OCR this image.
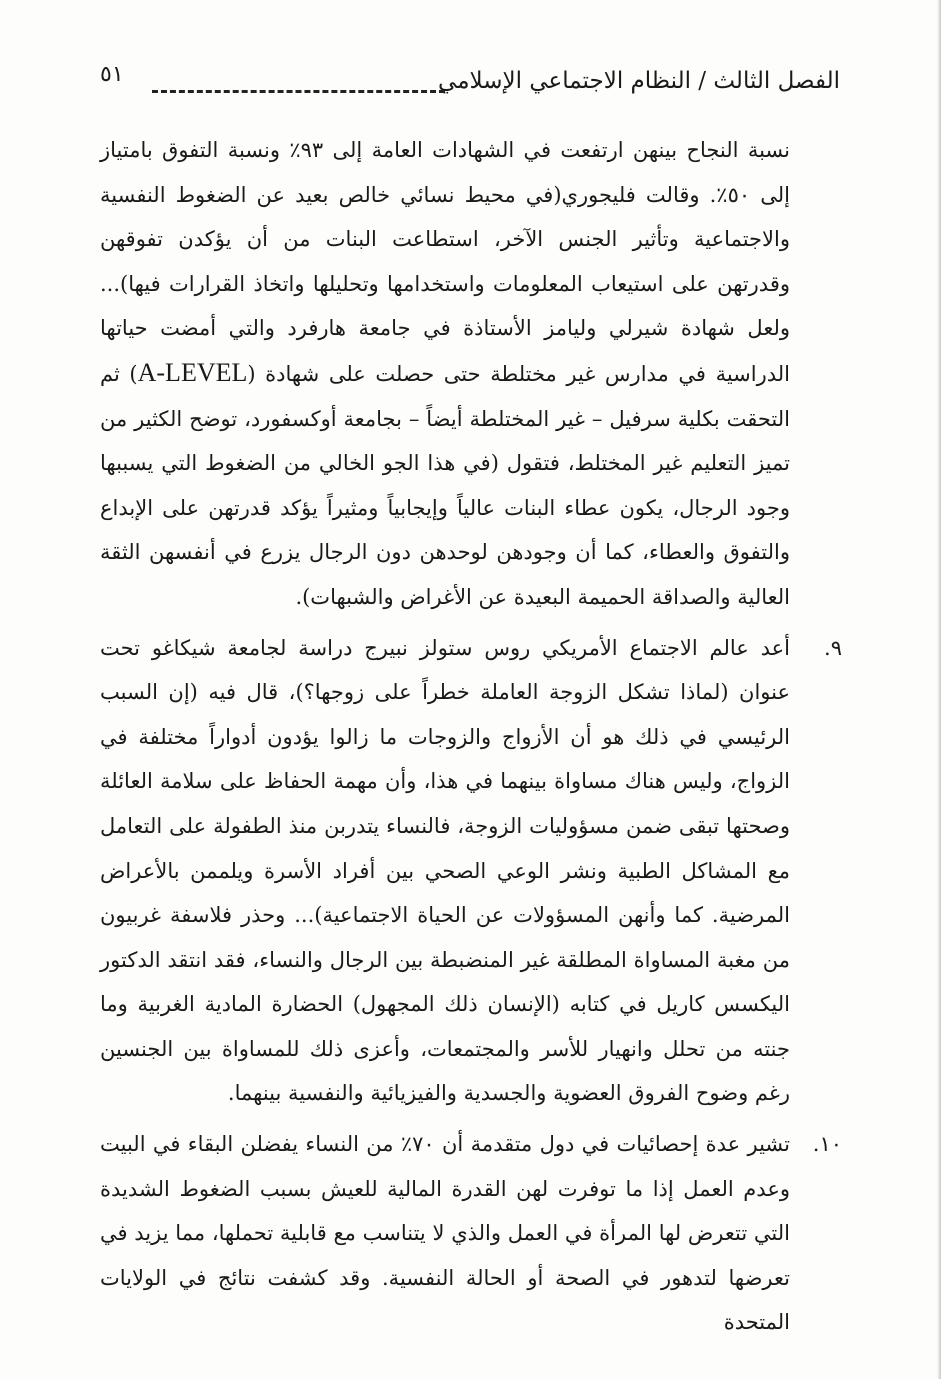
الفصل الثالث / النظام الاجتماعي الإسلامي
٥١

نسبة النجاح بينهن ارتفعت في الشهادات العامة إلى ٩٣٪ ونسبة التفوق بامتياز إلى ٥٠٪. وقالت فليجوري(في محيط نسائي خالص بعيد عن الضغوط النفسية والاجتماعية وتأثير الجنس الآخر، استطاعت البنات من أن يؤكدن تفوقهن وقدرتهن على استيعاب المعلومات واستخدامها وتحليلها واتخاذ القرارات فيها)... ولعل شهادة شيرلي وليامز الأستاذة في جامعة هارفرد والتي أمضت حياتها الدراسية في مدارس غير مختلطة حتى حصلت على شهادة (A-LEVEL) ثم التحقت بكلية سرفيل – غير المختلطة أيضاً – بجامعة أوكسفورد، توضح الكثير من تميز التعليم غير المختلط، فتقول (في هذا الجو الخالي من الضغوط التي يسببها وجود الرجال، يكون عطاء البنات عالياً وإيجابياً ومثيراً يؤكد قدرتهن على الإبداع والتفوق والعطاء، كما أن وجودهن لوحدهن دون الرجال يزرع في أنفسهن الثقة العالية والصداقة الحميمة البعيدة عن الأغراض والشبهات).

٩.

أعد عالم الاجتماع الأمريكي روس ستولز نبيرج دراسة لجامعة شيكاغو تحت عنوان (لماذا تشكل الزوجة العاملة خطراً على زوجها؟)، قال فيه (إن السبب الرئيسي في ذلك هو أن الأزواج والزوجات ما زالوا يؤدون أدواراً مختلفة في الزواج، وليس هناك مساواة بينهما في هذا، وأن مهمة الحفاظ على سلامة العائلة وصحتها تبقى ضمن مسؤوليات الزوجة، فالنساء يتدربن منذ الطفولة على التعامل مع المشاكل الطبية ونشر الوعي الصحي بين أفراد الأسرة ويلممن بالأعراض المرضية. كما وأنهن المسؤولات عن الحياة الاجتماعية)... وحذر فلاسفة غربيون من مغبة المساواة المطلقة غير المنضبطة بين الرجال والنساء، فقد انتقد الدكتور اليكسس كاريل في كتابه (الإنسان ذلك المجهول) الحضارة المادية الغربية وما جنته من تحلل وانهيار للأسر والمجتمعات، وأعزى ذلك للمساواة بين الجنسين رغم وضوح الفروق العضوية والجسدية والفيزيائية والنفسية بينهما.

١٠.

تشير عدة إحصائيات في دول متقدمة أن ٧٠٪ من النساء يفضلن البقاء في البيت وعدم العمل إذا ما توفرت لهن القدرة المالية للعيش بسبب الضغوط الشديدة التي تتعرض لها المرأة في العمل والذي لا يتناسب مع قابلية تحملها، مما يزيد في تعرضها لتدهور في الصحة أو الحالة النفسية. وقد كشفت نتائج في الولايات المتحدة
